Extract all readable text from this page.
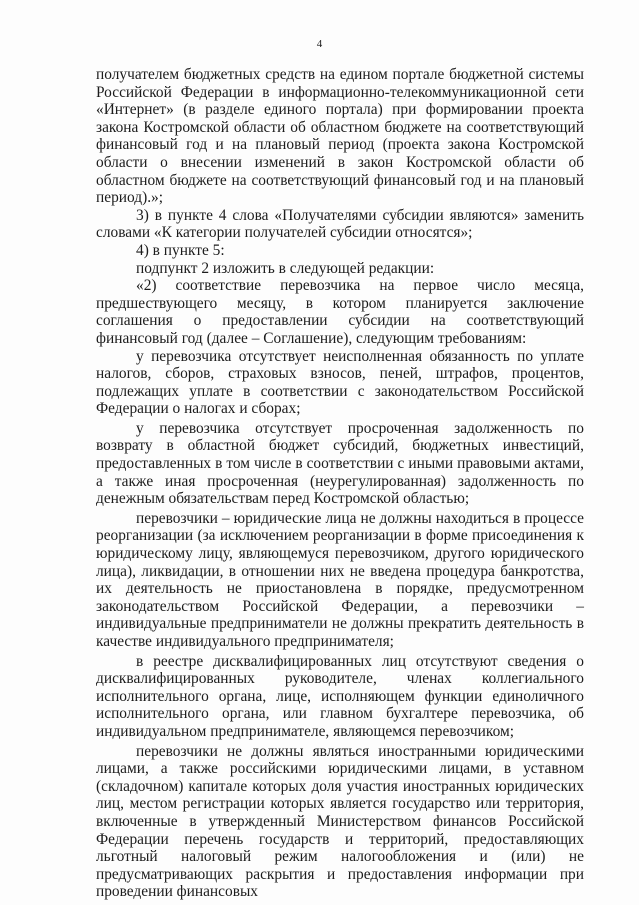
4

получателем бюджетных средств на едином портале бюджетной системы Российской Федерации в информационно-телекоммуникационной сети «Интернет» (в разделе единого портала) при формировании проекта закона Костромской области об областном бюджете на соответствующий финансовый год и на плановый период (проекта закона Костромской области о внесении изменений в закон Костромской области об областном бюджете на соответствующий финансовый год и на плановый период).»;

3) в пункте 4 слова «Получателями субсидии являются» заменить словами «К категории получателей субсидии относятся»;

4) в пункте 5:

подпункт 2 изложить в следующей редакции:

«2) соответствие перевозчика на первое число месяца, предшествующего месяцу, в котором планируется заключение соглашения о предоставлении субсидии на соответствующий финансовый год (далее – Соглашение), следующим требованиям:

у перевозчика отсутствует неисполненная обязанность по уплате налогов, сборов, страховых взносов, пеней, штрафов, процентов, подлежащих уплате в соответствии с законодательством Российской Федерации о налогах и сборах;

у перевозчика отсутствует просроченная задолженность по возврату в областной бюджет субсидий, бюджетных инвестиций, предоставленных в том числе в соответствии с иными правовыми актами, а также иная просроченная (неурегулированная) задолженность по денежным обязательствам перед Костромской областью;

перевозчики – юридические лица не должны находиться в процессе реорганизации (за исключением реорганизации в форме присоединения к юридическому лицу, являющемуся перевозчиком, другого юридического лица), ликвидации, в отношении них не введена процедура банкротства, их деятельность не приостановлена в порядке, предусмотренном законодательством Российской Федерации, а перевозчики – индивидуальные предприниматели не должны прекратить деятельность в качестве индивидуального предпринимателя;

в реестре дисквалифицированных лиц отсутствуют сведения о дисквалифицированных руководителе, членах коллегиального исполнительного органа, лице, исполняющем функции единоличного исполнительного органа, или главном бухгалтере перевозчика, об индивидуальном предпринимателе, являющемся перевозчиком;

перевозчики не должны являться иностранными юридическими лицами, а также российскими юридическими лицами, в уставном (складочном) капитале которых доля участия иностранных юридических лиц, местом регистрации которых является государство или территория, включенные в утвержденный Министерством финансов Российской Федерации перечень государств и территорий, предоставляющих льготный налоговый режим налогообложения и (или) не предусматривающих раскрытия и предоставления информации при проведении финансовых
